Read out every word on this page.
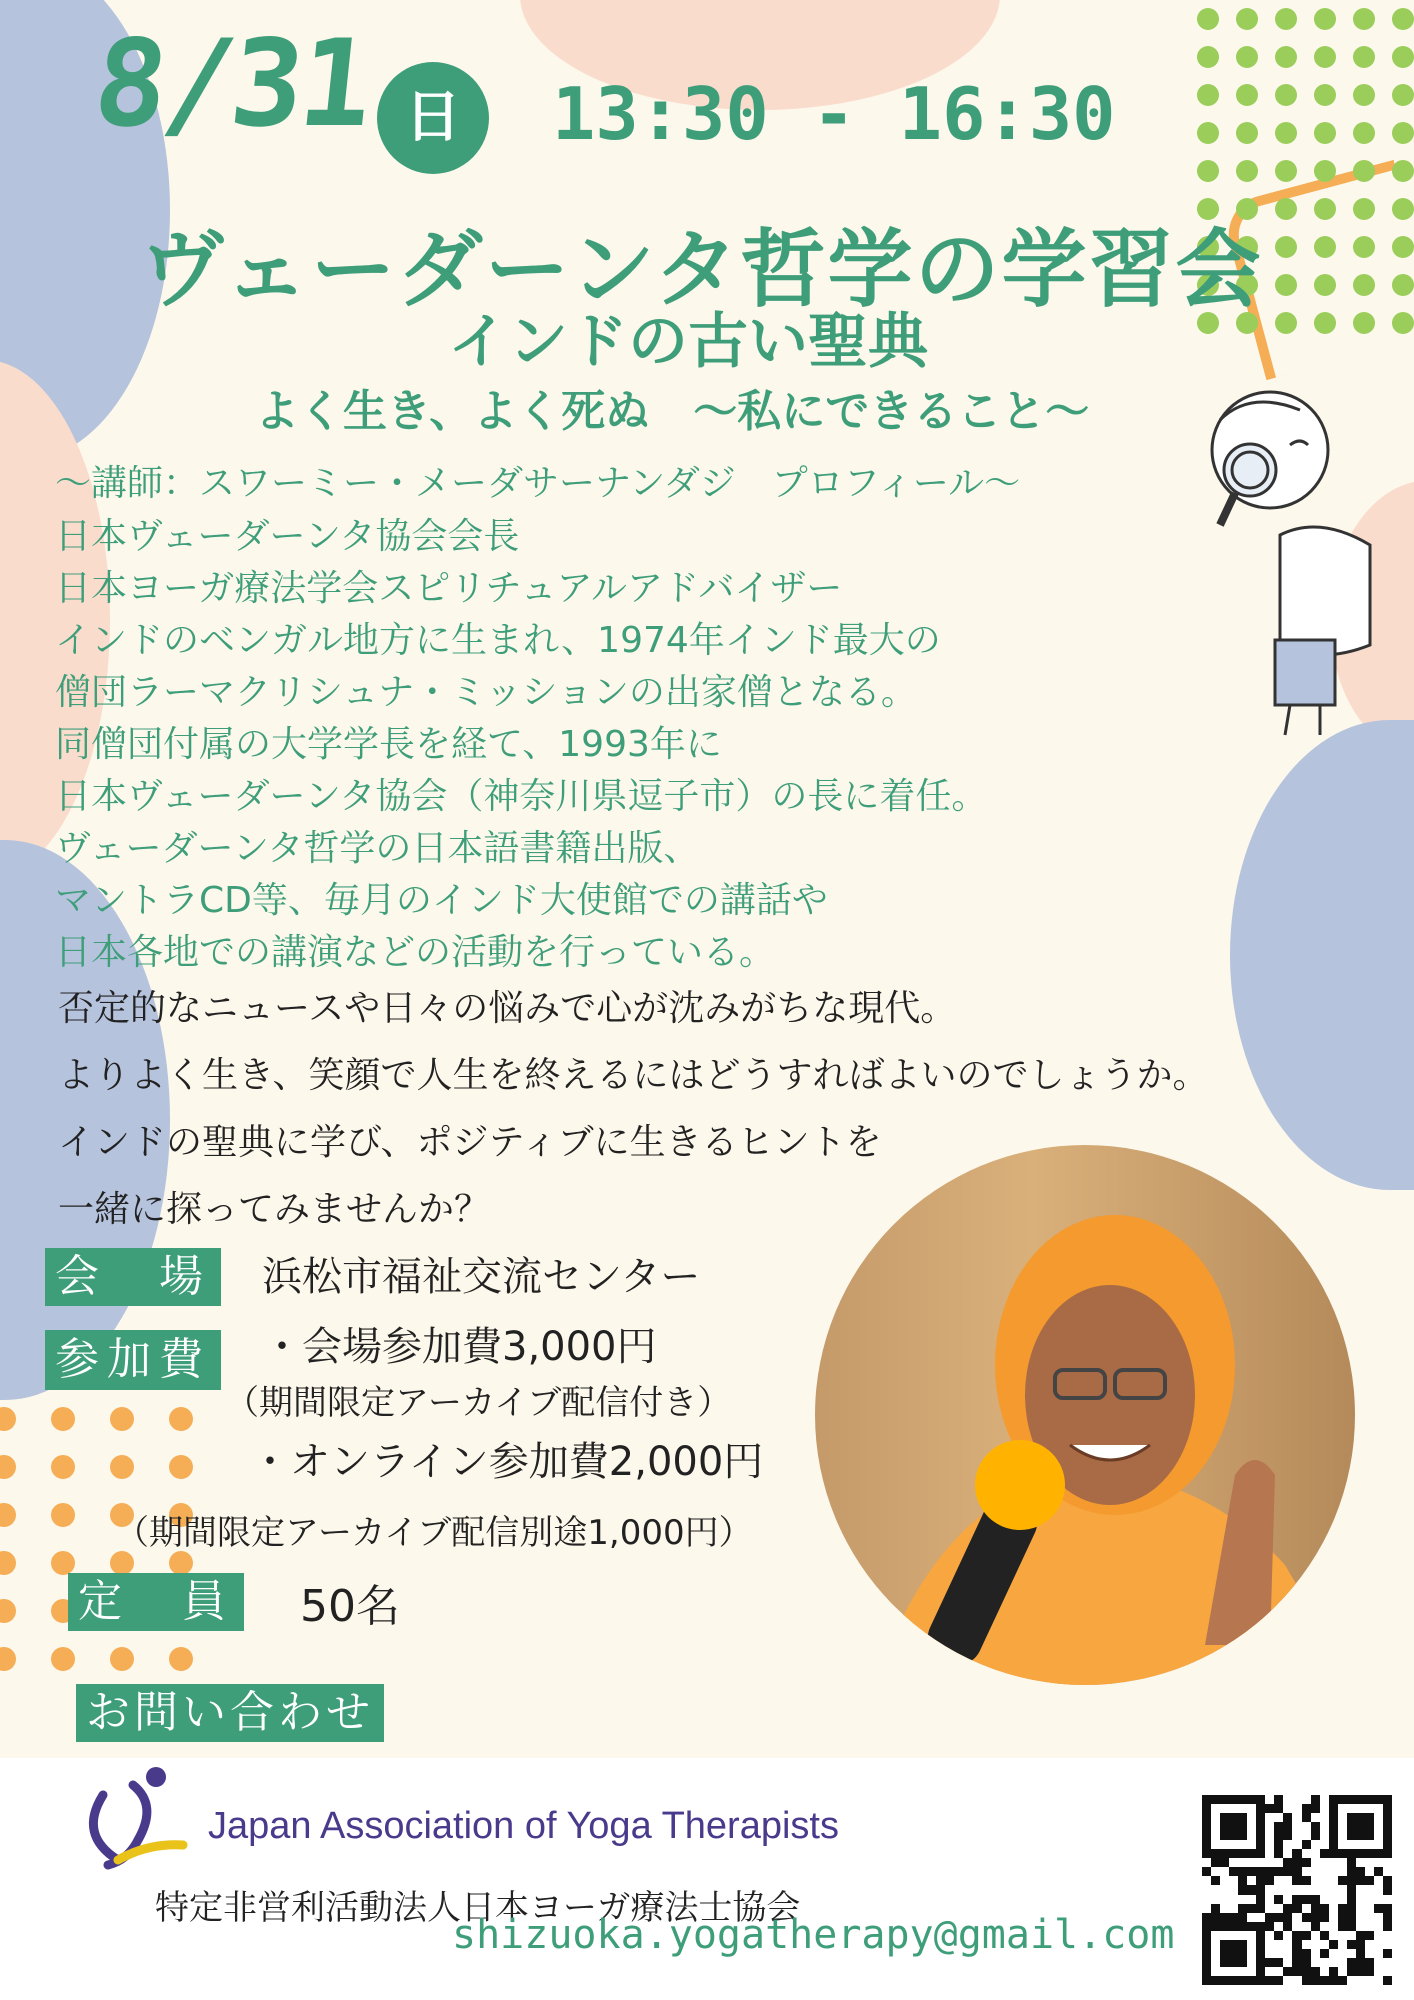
8/31 日	13:30 - 16:30
ヴェーダーンタ哲学の学習会
インドの古い聖典
よく生き、よく死ぬ　～私にできること～
～講師：スワーミー・メーダサーナンダジ　プロフィール～
日本ヴェーダーンタ協会会長
日本ヨーガ療法学会スピリチュアルアドバイザー
インドのベンガル地方に生まれ、1974年インド最大の
僧団ラーマクリシュナ・ミッションの出家僧となる。
同僧団付属の大学学長を経て、1993年に
日本ヴェーダーンタ協会（神奈川県逗子市）の長に着任。
ヴェーダーンタ哲学の日本語書籍出版、
マントラCD等、毎月のインド大使館での講話や
日本各地での講演などの活動を行っている。
否定的なニュースや日々の悩みで心が沈みがちな現代。
よりよく生き、笑顔で人生を終えるにはどうすればよいのでしょうか。
インドの聖典に学び、ポジティブに生きるヒントを
一緒に探ってみませんか？
会　場 浜松市福祉交流センター
参加費 ・会場参加費3,000円
（期間限定アーカイブ配信付き）
・オンライン参加費2,000円
（期間限定アーカイブ配信別途1,000円）
定　員 50名
お問い合わせ
Japan Association of Yoga Therapists
特定非営利活動法人日本ヨーガ療法士協会
shizuoka.yogatherapy@gmail.com
